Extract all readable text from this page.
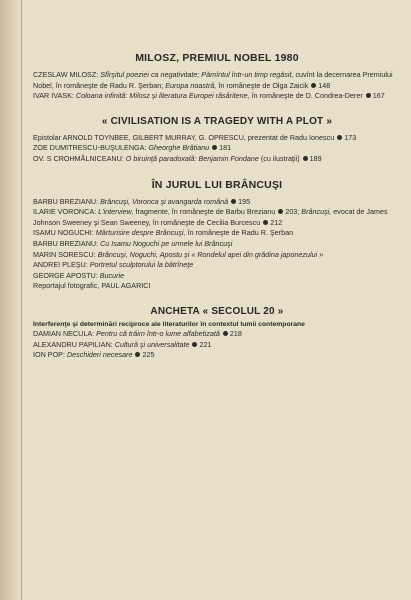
MILOSZ, PREMIUL NOBEL 1980

CZESLAW MILOSZ: Sfîrşitul poeziei ca negativitate; Pămîntul într-un timp regăsit, cuvînt la decernarea Premiului Nobel, în româneşte de Radu R. Şerban; Europa noastră, în româneşte de Olga Zaicik 148

IVAR IVASK: Coloana infinită: Milosz şi literatura Europei răsăritene, în româneşte de D. Condrea-Derer 167

« CIVILISATION IS A TRAGEDY WITH A PLOT »

Epistolar ARNOLD TOYNBEE, GILBERT MURRAY, G. OPRESCU, prezentat de Radu Ionescu 173

ZOE DUMITRESCU-BUŞULENGA: Gheorghe Brătianu 181

OV. S CROHMĂLNICEANU: O biruinţă paradoxală: Benjamin Fondane (cu ilustraţii) 189

ÎN JURUL LUI BRÂNCUŞI

BARBU BREZIANU: Brâncuşi, Voronca şi avangarda română 195

ILARIE VORONCA: L'interview, fragmente, în româneşte de Barbu Brezianu 203; Brâncuşi, evocat de James Johnson Sweeney şi Sean Sweeney, în româneşte de Cecilia Burcescu 212

ISAMU NOGUCHI: Mărturisire despre Brâncuşi, în româneşte de Radu R. Şerban

BARBU BREZIANU: Cu Isamu Noguchi pe urmele lui Brâncuşi

MARIN SORESCU: Brâncuşi, Noguchi, Apostu şi « Rondelul apei din grădina japonezului »

ANDREI PLEŞU: Portretul sculptorului la bătrîneţe

GEORGE APOSTU: Bucurie

Reportajul fotografic, PAUL AGARICI

ANCHETA « SECOLUL 20 »

Interferenţe şi determinări reciproce ale literaturilor în contextul lumii contemporane

DAMIAN NECULA: Pentru că trăim într-o lume alfabetizată 218

ALEXANDRU PAPILIAN: Cultură şi universalitate 221

ION POP: Deschideri necesare 225
